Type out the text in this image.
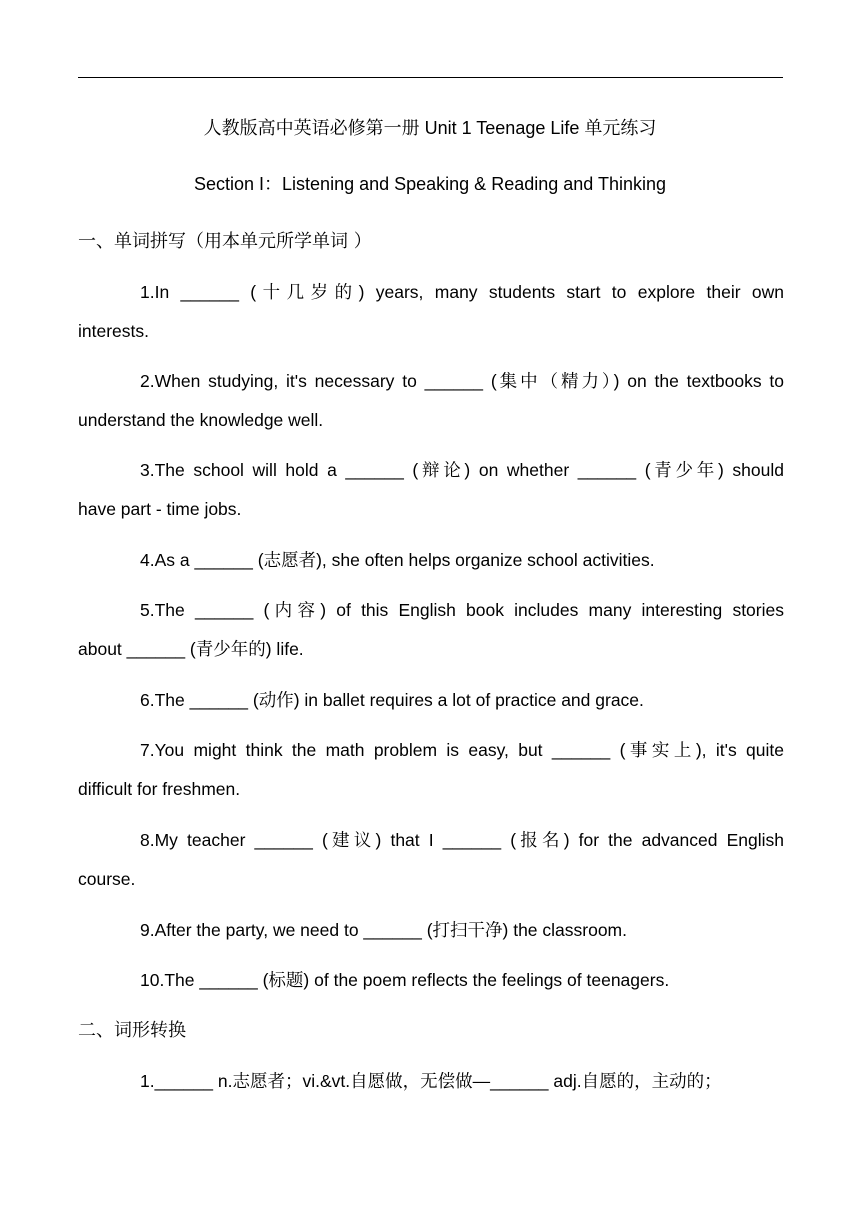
人教版高中英语必修第一册 Unit 1 Teenage Life 单元练习
Section I：Listening and Speaking & Reading and Thinking
一、单词拼写（用本单元所学单词 ）
1.In ______ (十几岁的) years, many students start to explore their own
interests.
2.When studying, it's necessary to ______ (集中（精力）) on the textbooks to
understand the knowledge well.
3.The school will hold a ______ (辩论) on whether ______ (青少年) should
have part - time jobs.
4.As a ______ (志愿者), she often helps organize school activities.
5.The ______ (内容) of this English book includes many interesting stories
about ______ (青少年的) life.
6.The ______ (动作) in ballet requires a lot of practice and grace.
7.You might think the math problem is easy, but ______ (事实上), it's quite
difficult for freshmen.
8.My teacher ______ (建议) that I ______ (报名) for the advanced English
course.
9.After the party, we need to ______ (打扫干净) the classroom.
10.The ______ (标题) of the poem reflects the feelings of teenagers.
二、词形转换
1.______ n.志愿者；vi.&vt.自愿做，无偿做—______ adj.自愿的，主动的；
